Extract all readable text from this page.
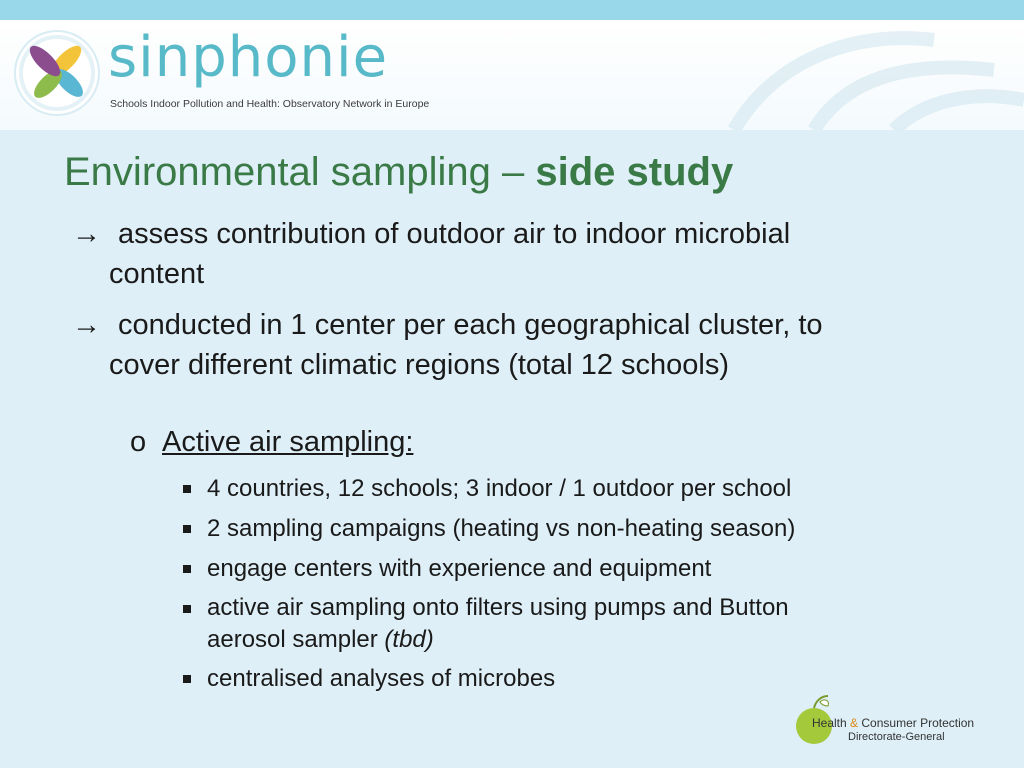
sinphonie
Schools Indoor Pollution and Health: Observatory Network in Europe
Environmental sampling – side study
→ assess contribution of outdoor air to indoor microbial
content
→ conducted in 1 center per each geographical cluster, to
cover different climatic regions (total 12 schools)
o Active air sampling:
4 countries, 12 schools; 3 indoor / 1 outdoor per school
2 sampling campaigns (heating vs non-heating season)
engage centers with experience and equipment
active air sampling onto filters using pumps and Button
aerosol sampler (tbd)
centralised analyses of microbes
Health & Consumer Protection
Directorate-General
